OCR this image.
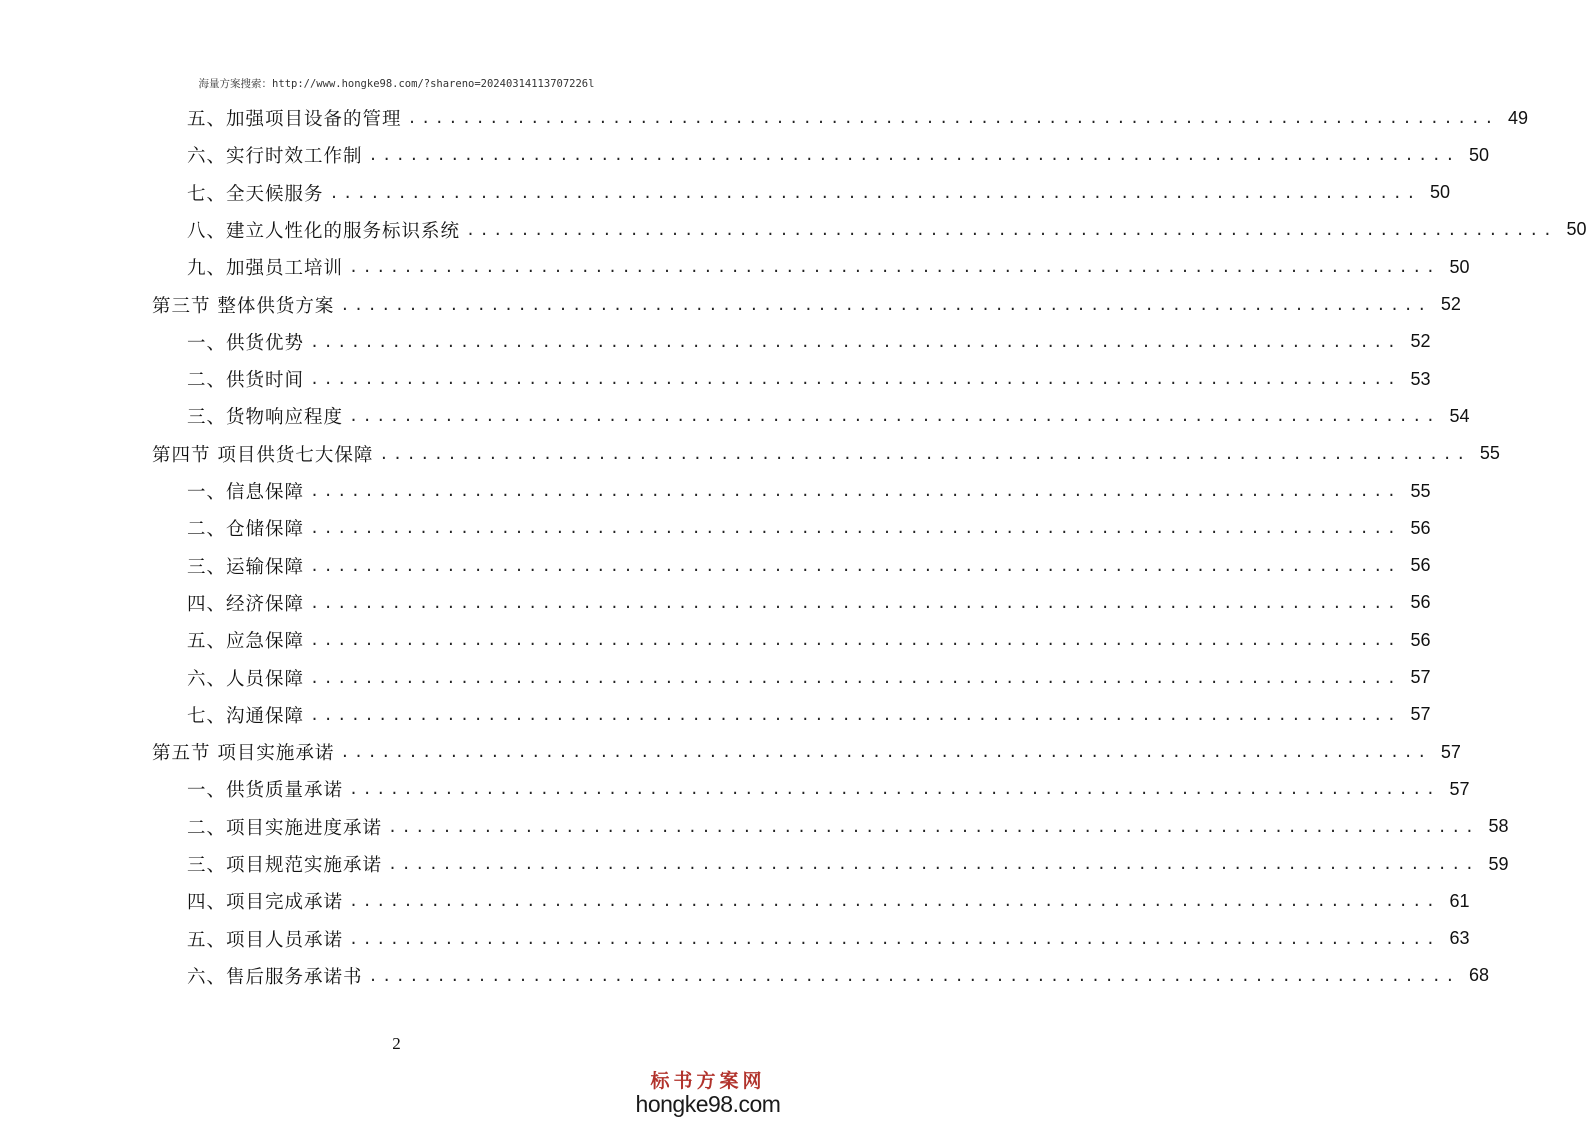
海量方案搜索：http://www.hongke98.com/?shareno=20240314113707226l
五、加强项目设备的管理 ................................................................................ 49
六、实行时效工作制 ................................................................................ 50
七、全天候服务 ................................................................................ 50
八、建立人性化的服务标识系统 ................................................................................ 50
九、加强员工培训 ................................................................................ 50
第三节 整体供货方案 ................................................................................ 52
一、供货优势 ................................................................................ 52
二、供货时间 ................................................................................ 53
三、货物响应程度 ................................................................................ 54
第四节 项目供货七大保障 ................................................................................ 55
一、信息保障 ................................................................................ 55
二、仓储保障 ................................................................................ 56
三、运输保障 ................................................................................ 56
四、经济保障 ................................................................................ 56
五、应急保障 ................................................................................ 56
六、人员保障 ................................................................................ 57
七、沟通保障 ................................................................................ 57
第五节 项目实施承诺 ................................................................................ 57
一、供货质量承诺 ................................................................................ 57
二、项目实施进度承诺 ................................................................................ 58
三、项目规范实施承诺 ................................................................................ 59
四、项目完成承诺 ................................................................................ 61
五、项目人员承诺 ................................................................................ 63
六、售后服务承诺书 ................................................................................ 68
2
标书方案网
hongke98.com
